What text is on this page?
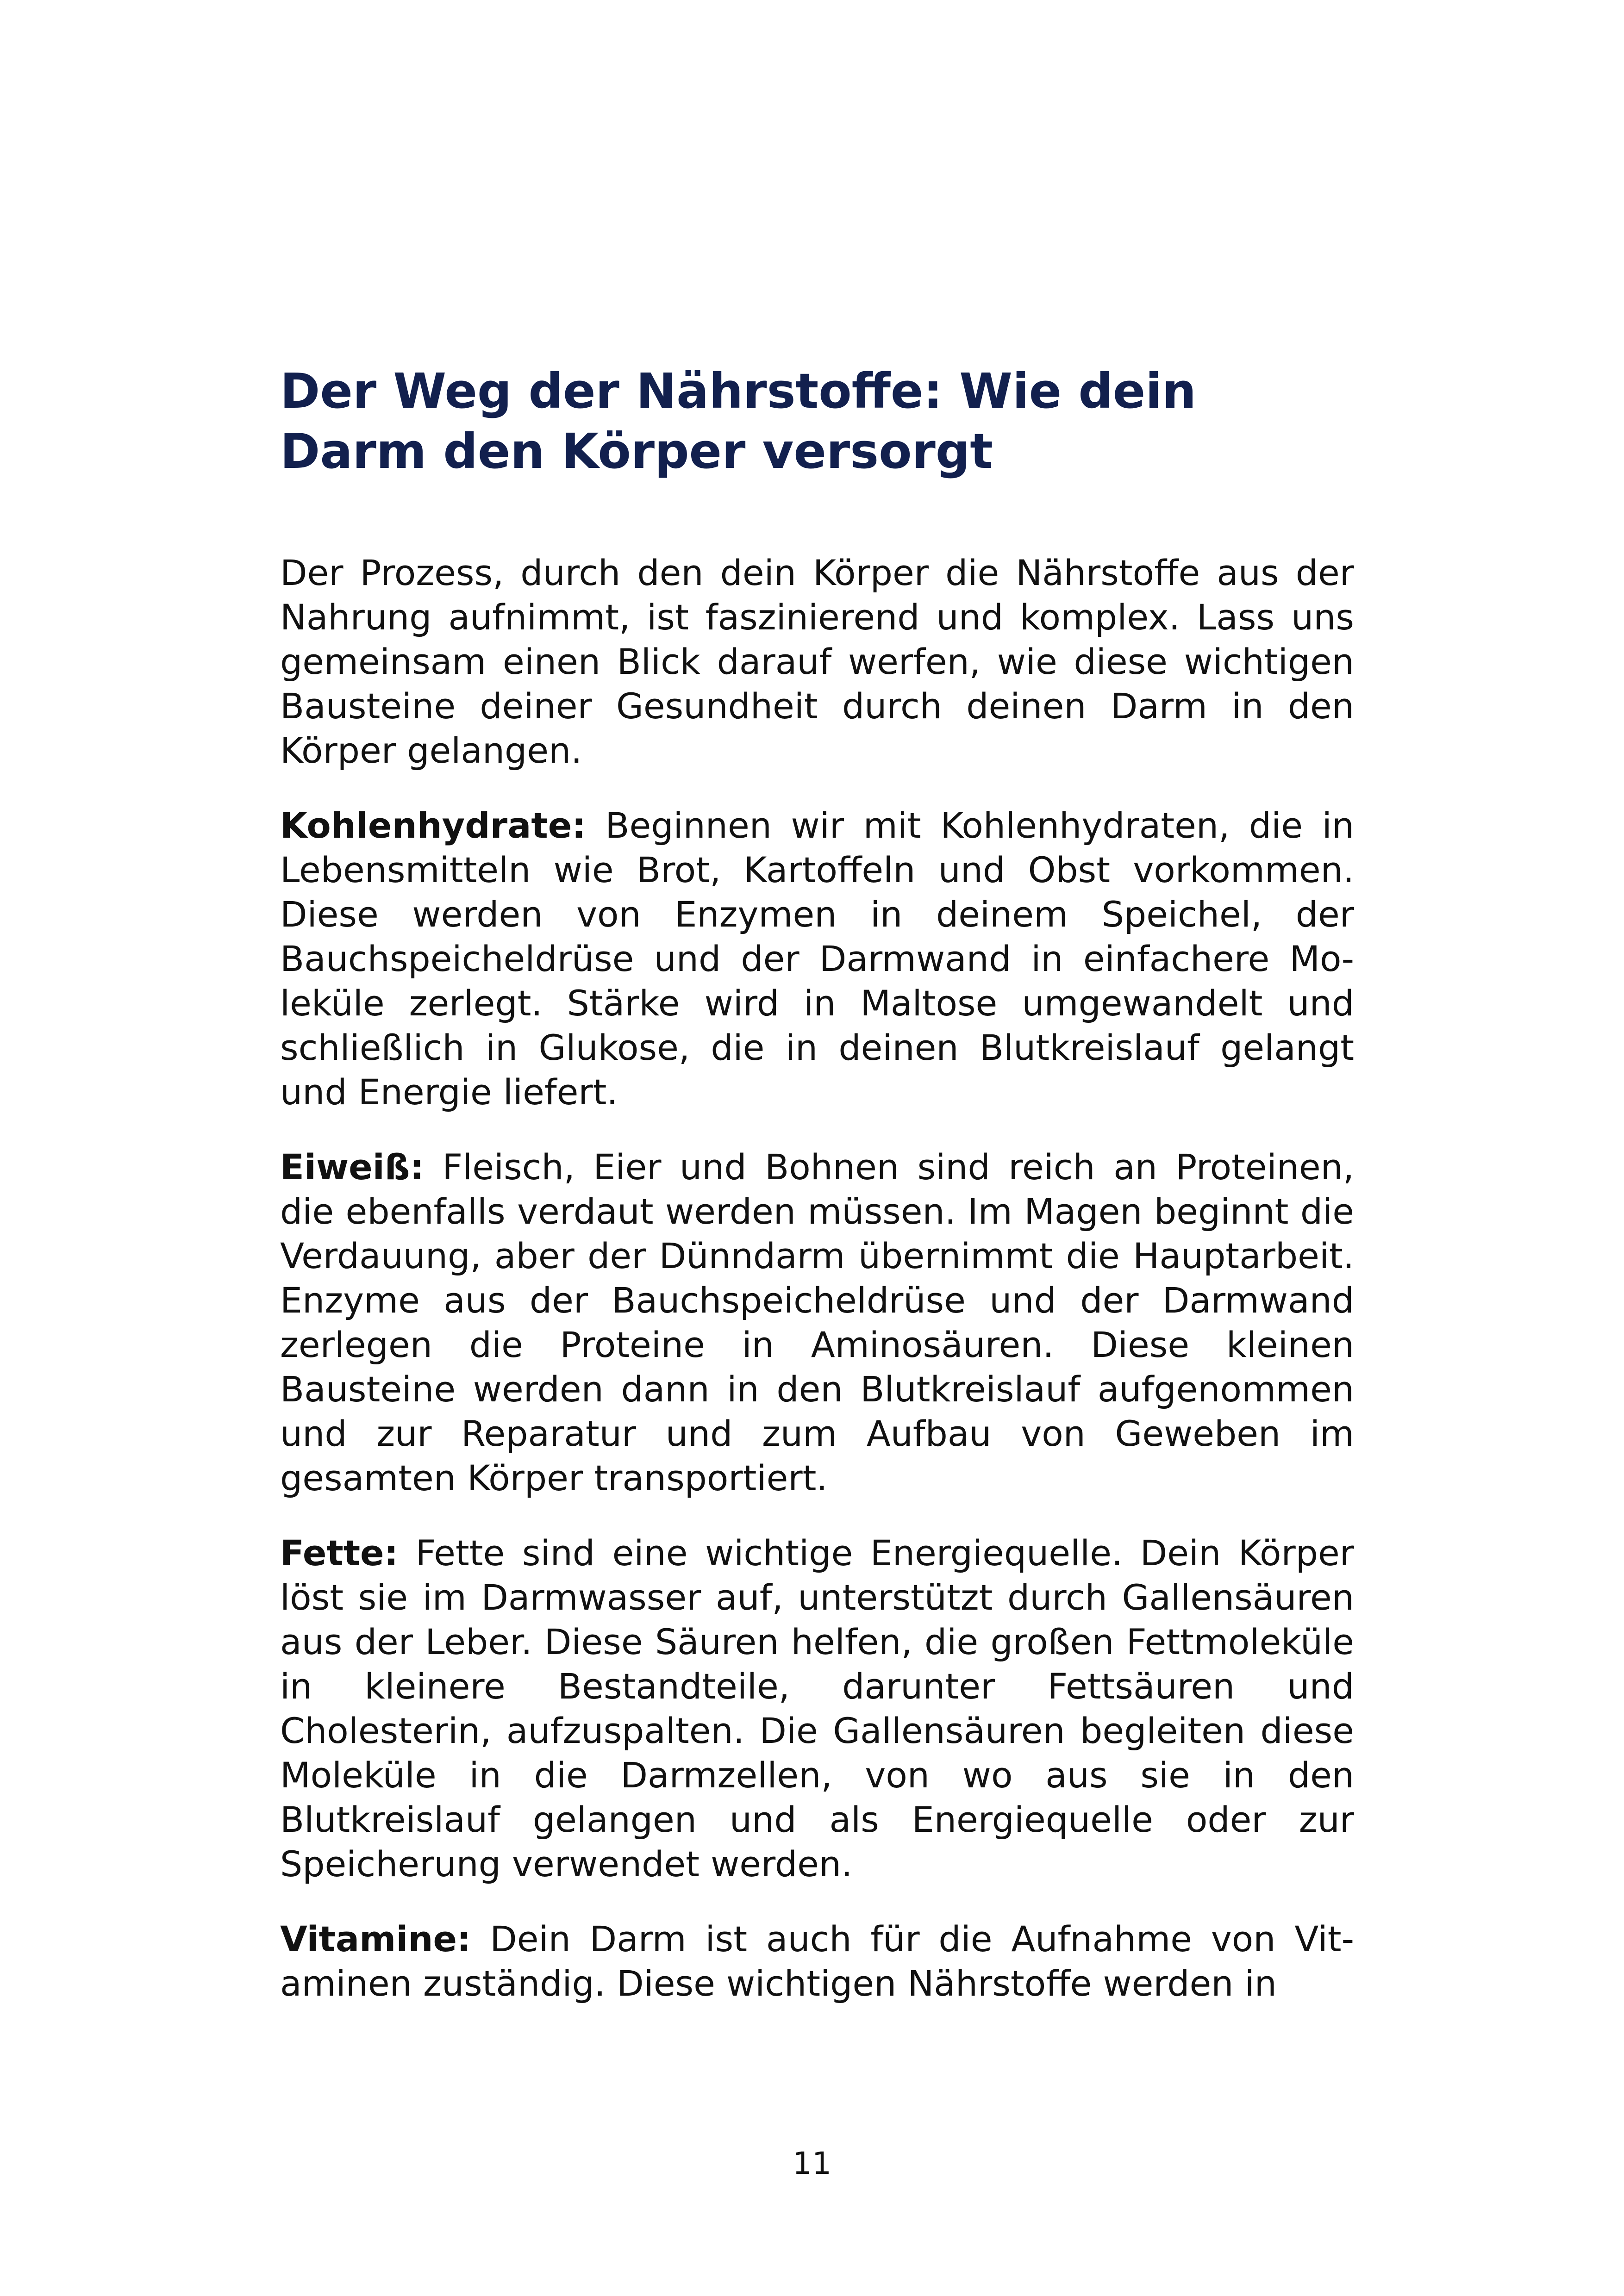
Der Weg der Nährstoffe: Wie dein Darm den Körper versorgt

Der Prozess, durch den dein Körper die Nährstoffe aus der Nahrung aufnimmt, ist faszinierend und komplex. Lass uns gemeinsam einen Blick darauf werfen, wie diese wichtigen Bausteine deiner Gesundheit durch deinen Darm in den Körper gelangen.

Kohlenhydrate: Beginnen wir mit Kohlenhydraten, die in Lebensmitteln wie Brot, Kartoffeln und Obst vorkommen. Diese werden von Enzymen in deinem Speichel, der Bauchspeicheldrüse und der Darmwand in einfachere Moleküle zerlegt. Stärke wird in Maltose umgewandelt und schließlich in Glukose, die in deinen Blutkreislauf gelangt und Energie liefert.

Eiweiß: Fleisch, Eier und Bohnen sind reich an Proteinen, die ebenfalls verdaut werden müssen. Im Magen beginnt die Verdauung, aber der Dünndarm übernimmt die Hauptarbeit. Enzyme aus der Bauchspeicheldrüse und der Darmwand zerlegen die Proteine in Aminosäuren. Diese kleinen Bausteine werden dann in den Blutkreislauf aufgenommen und zur Reparatur und zum Aufbau von Geweben im gesamten Körper transportiert.

Fette: Fette sind eine wichtige Energiequelle. Dein Körper löst sie im Darmwasser auf, unterstützt durch Gallensäuren aus der Leber. Diese Säuren helfen, die großen Fettmoleküle in kleinere Bestandteile, darunter Fettsäuren und Cholesterin, aufzuspalten. Die Gallensäuren begleiten diese Moleküle in die Darmzellen, von wo aus sie in den Blutkreislauf gelangen und als Energiequelle oder zur Speicherung verwendet werden.

Vitamine: Dein Darm ist auch für die Aufnahme von Vitaminen zuständig. Diese wichtigen Nährstoffe werden in

11
